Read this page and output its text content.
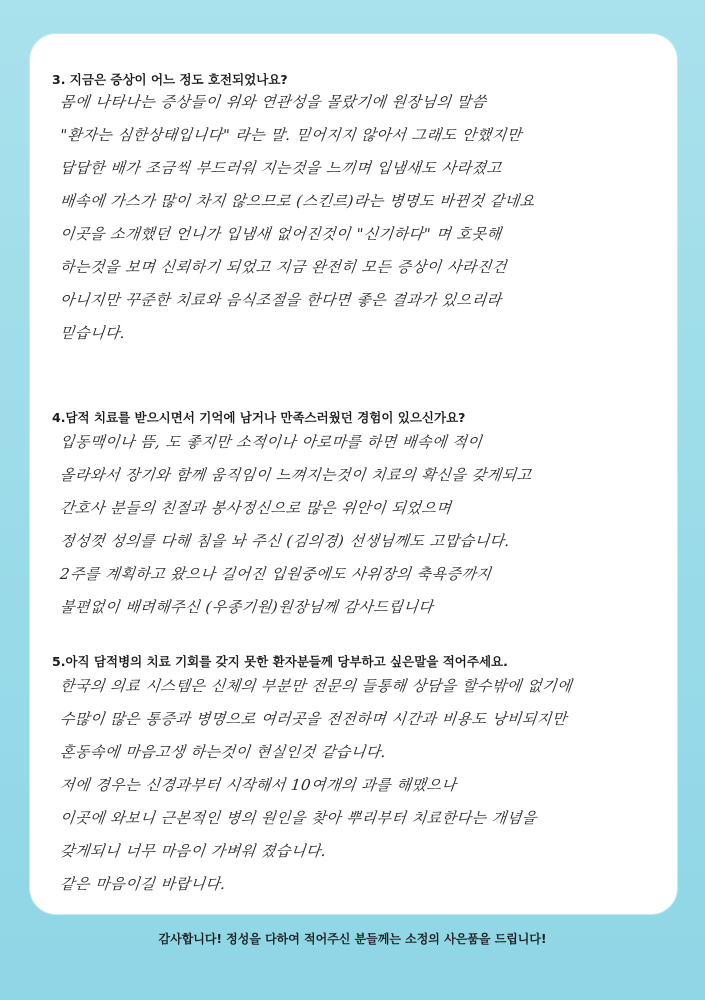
3. 지금은 증상이 어느 정도 호전되었나요?
몸에 나타나는 증상들이 위와 연관성을 몰랐기에 원장님의 말씀
"환자는 심한상태입니다" 라는 말. 믿어지지 않아서 그래도 안했지만
답답한 배가 조금씩 부드러워 지는것을 느끼며 입냄새도 사라졌고
배속에 가스가 많이 차지 않으므로 (스킨르)라는 병명도 바뀐것 같네요
이곳을 소개했던 언니가 입냄새 없어진것이 "신기하다" 며 호못해
하는것을 보며 신뢰하기 되었고 지금 완전히 모든 증상이 사라진건
아니지만 꾸준한 치료와 음식조절을 한다면 좋은 결과가 있으리라
믿습니다.
4.담적 치료를 받으시면서 기억에 남거나 만족스러웠던 경험이 있으신가요?
입동맥이나 뜸, 도 좋지만 소적이나 아로마를 하면 배속에 적이
올라와서 장기와 함께 움직임이 느껴지는것이 치료의 확신을 갖게되고
간호사 분들의 친절과 봉사정신으로 많은 위안이 되었으며
정성껏 성의를 다해 침을 놔 주신 (김의경) 선생님께도 고맙습니다.
2주를 계획하고 왔으나 길어진 입원중에도 사위장의 축욕증까지
불편없이 배려해주신 (우종기원)원장님께 감사드립니다
5.아직 담적병의 치료 기회를 갖지 못한 환자분들께 당부하고 싶은말을 적어주세요.
한국의 의료 시스템은 신체의 부분만 전문의 들통해 상담을 할수밖에 없기에
수많이 많은 통증과 병명으로 여러곳을 전전하며 시간과 비용도 낭비되지만
혼동속에 마음고생 하는것이 현실인것 같습니다.
저에 경우는 신경과부터 시작해서 10여개의 과를 해맸으나
이곳에 와보니 근본적인 병의 원인을 찾아 뿌리부터 치료한다는 개념을
갖게되니 너무 마음이 가벼워 졌습니다.
같은 마음이길 바랍니다.
감사합니다! 정성을 다하여 적어주신 분들께는 소정의 사은품을 드립니다!
